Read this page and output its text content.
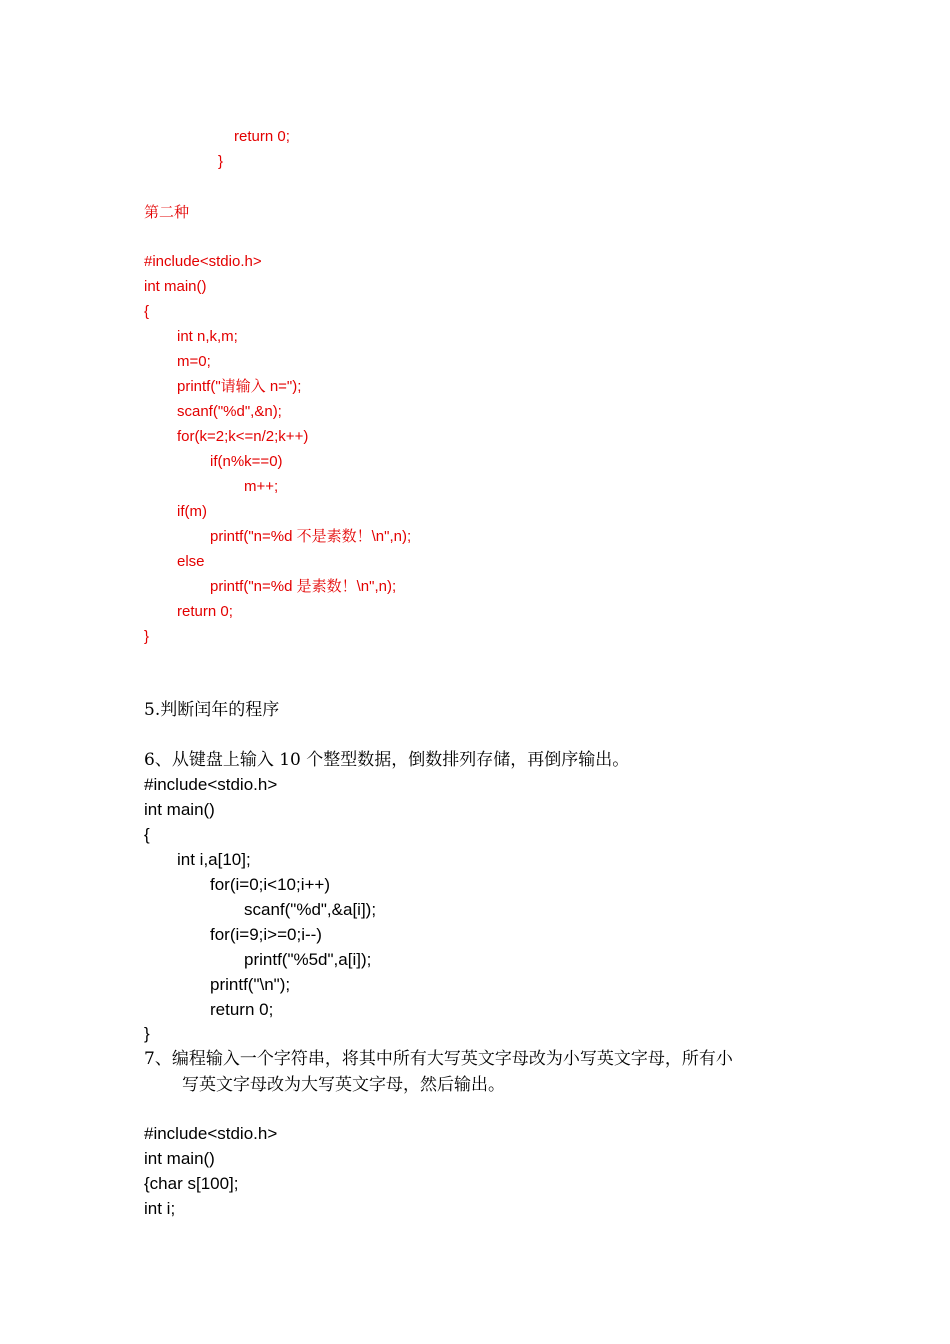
return 0;
}
第二种
#include<stdio.h>
int main()
{
int n,k,m;
m=0;
printf("请输入 n=");
scanf("%d",&n);
for(k=2;k<=n/2;k++)
if(n%k==0)
m++;
if(m)
printf("n=%d 不是素数！\n",n);
else
printf("n=%d 是素数！\n",n);
return 0;
}
5.判断闰年的程序
6、从键盘上输入 10 个整型数据，倒数排列存储，再倒序输出。
#include<stdio.h>
int main()
{
int i,a[10];
for(i=0;i<10;i++)
scanf("%d",&a[i]);
for(i=9;i>=0;i--)
printf("%5d",a[i]);
printf("\n");
return 0;
}
7、编程输入一个字符串，将其中所有大写英文字母改为小写英文字母，所有小
写英文字母改为大写英文字母，然后输出。
#include<stdio.h>
int main()
{char s[100];
int i;
